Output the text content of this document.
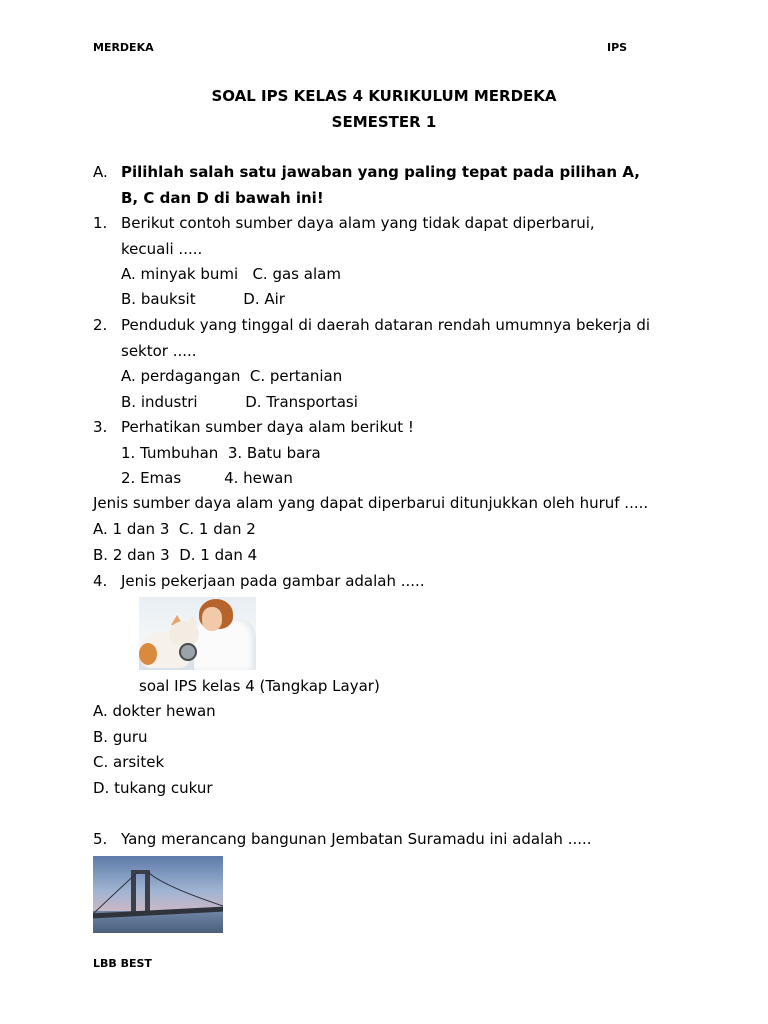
MERDEKA	IPS
SOAL IPS KELAS 4 KURIKULUM MERDEKA
SEMESTER 1
A. Pilihlah salah satu jawaban yang paling tepat pada pilihan A,
B, C dan D di bawah ini!
1. Berikut contoh sumber daya alam yang tidak dapat diperbarui,
kecuali .....
A. minyak bumi   C. gas alam
B. bauksit          D. Air
2. Penduduk yang tinggal di daerah dataran rendah umumnya bekerja di
sektor .....
A. perdagangan  C. pertanian
B. industri          D. Transportasi
3. Perhatikan sumber daya alam berikut !
1. Tumbuhan  3. Batu bara
2. Emas         4. hewan
Jenis sumber daya alam yang dapat diperbarui ditunjukkan oleh huruf .....
A. 1 dan 3  C. 1 dan 2
B. 2 dan 3  D. 1 dan 4
4. Jenis pekerjaan pada gambar adalah .....
soal IPS kelas 4 (Tangkap Layar)
A. dokter hewan
B. guru
C. arsitek
D. tukang cukur
5. Yang merancang bangunan Jembatan Suramadu ini adalah .....
LBB BEST
